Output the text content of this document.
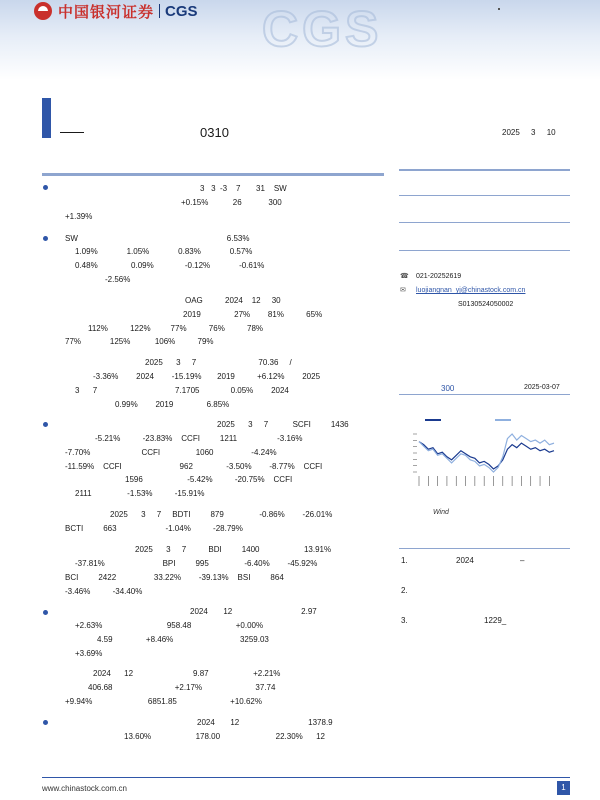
中国银河证券 CGS CGS
0310	2025 3 10
3   3  -3    7       31    SW
+0.15%           26            300
+1.39%
SW                                                                   6.53%
1.09%             1.05%             0.83%             0.57%
0.48%               0.09%              -0.12%             -0.61%
-2.56%
OAG          2024    12     30
2019               27%        81%          65%
112%          122%         77%          76%          78%
77%             125%           106%          79%
2025      3     7                            70.36     /
-3.36%        2024        -15.19%       2019          +6.12%        2025
3      7                                   7.1705              0.05%        2024
0.99%        2019               6.85%
2025      3     7           SCFI         1436
-5.21%          -23.83%    CCFI         1211                  -3.16%
-7.70%                       CCFI                1060                 -4.24%
-11.59%    CCFI                          962               -3.50%        -8.77%    CCFI
1596                    -5.42%          -20.75%    CCFI
2111                -1.53%          -15.91%
2025      3     7     BDTI         879                -0.86%        -26.01%
BCTI         663                      -1.04%          -28.79%
2025      3     7          BDI         1400                    13.91%
-37.81%                          BPI         995                -6.40%        -45.92%
BCI         2422                 33.22%        -39.13%    BSI         864
-3.46%          -34.40%
2024       12                               2.97
+2.63%                             958.48                    +0.00%
4.59               +8.46%                              3259.03
+3.69%
2024      12                           9.87                    +2.21%
406.68                            +2.17%                        37.74
+9.94%                         6851.85                        +10.62%
2024       12                               1378.9
13.60%                    178.00                         22.30%      12
☎ 021-20252619
✉ luojiangnan_yj@chinastock.com.cn
S0130524050002
300	2025-03-07
Wind
1.	2024	–
2.
3.	1229_
www.chinastock.com.cn	1
